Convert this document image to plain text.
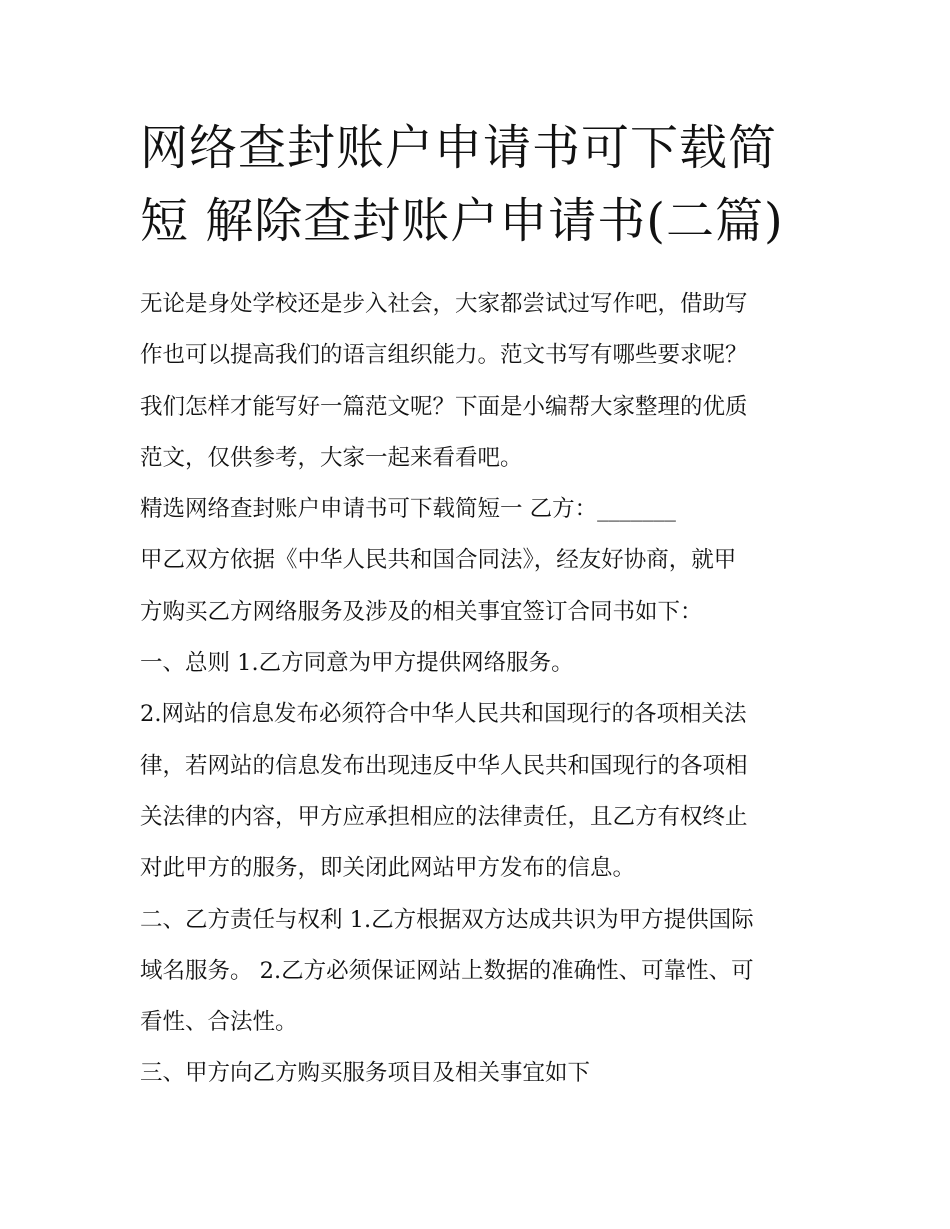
网络查封账户申请书可下载简
短 解除查封账户申请书(二篇)
无论是身处学校还是步入社会，大家都尝试过写作吧，借助写
作也可以提高我们的语言组织能力。范文书写有哪些要求呢？
我们怎样才能写好一篇范文呢？下面是小编帮大家整理的优质
范文，仅供参考，大家一起来看看吧。
精选网络查封账户申请书可下载简短一 乙方：_______
甲乙双方依据《中华人民共和国合同法》，经友好协商，就甲
方购买乙方网络服务及涉及的相关事宜签订合同书如下：
一、总则 1.乙方同意为甲方提供网络服务。
2.网站的信息发布必须符合中华人民共和国现行的各项相关法
律，若网站的信息发布出现违反中华人民共和国现行的各项相
关法律的内容，甲方应承担相应的法律责任，且乙方有权终止
对此甲方的服务，即关闭此网站甲方发布的信息。
二、乙方责任与权利 1.乙方根据双方达成共识为甲方提供国际
域名服务。 2.乙方必须保证网站上数据的准确性、可靠性、可
看性、合法性。
三、甲方向乙方购买服务项目及相关事宜如下
